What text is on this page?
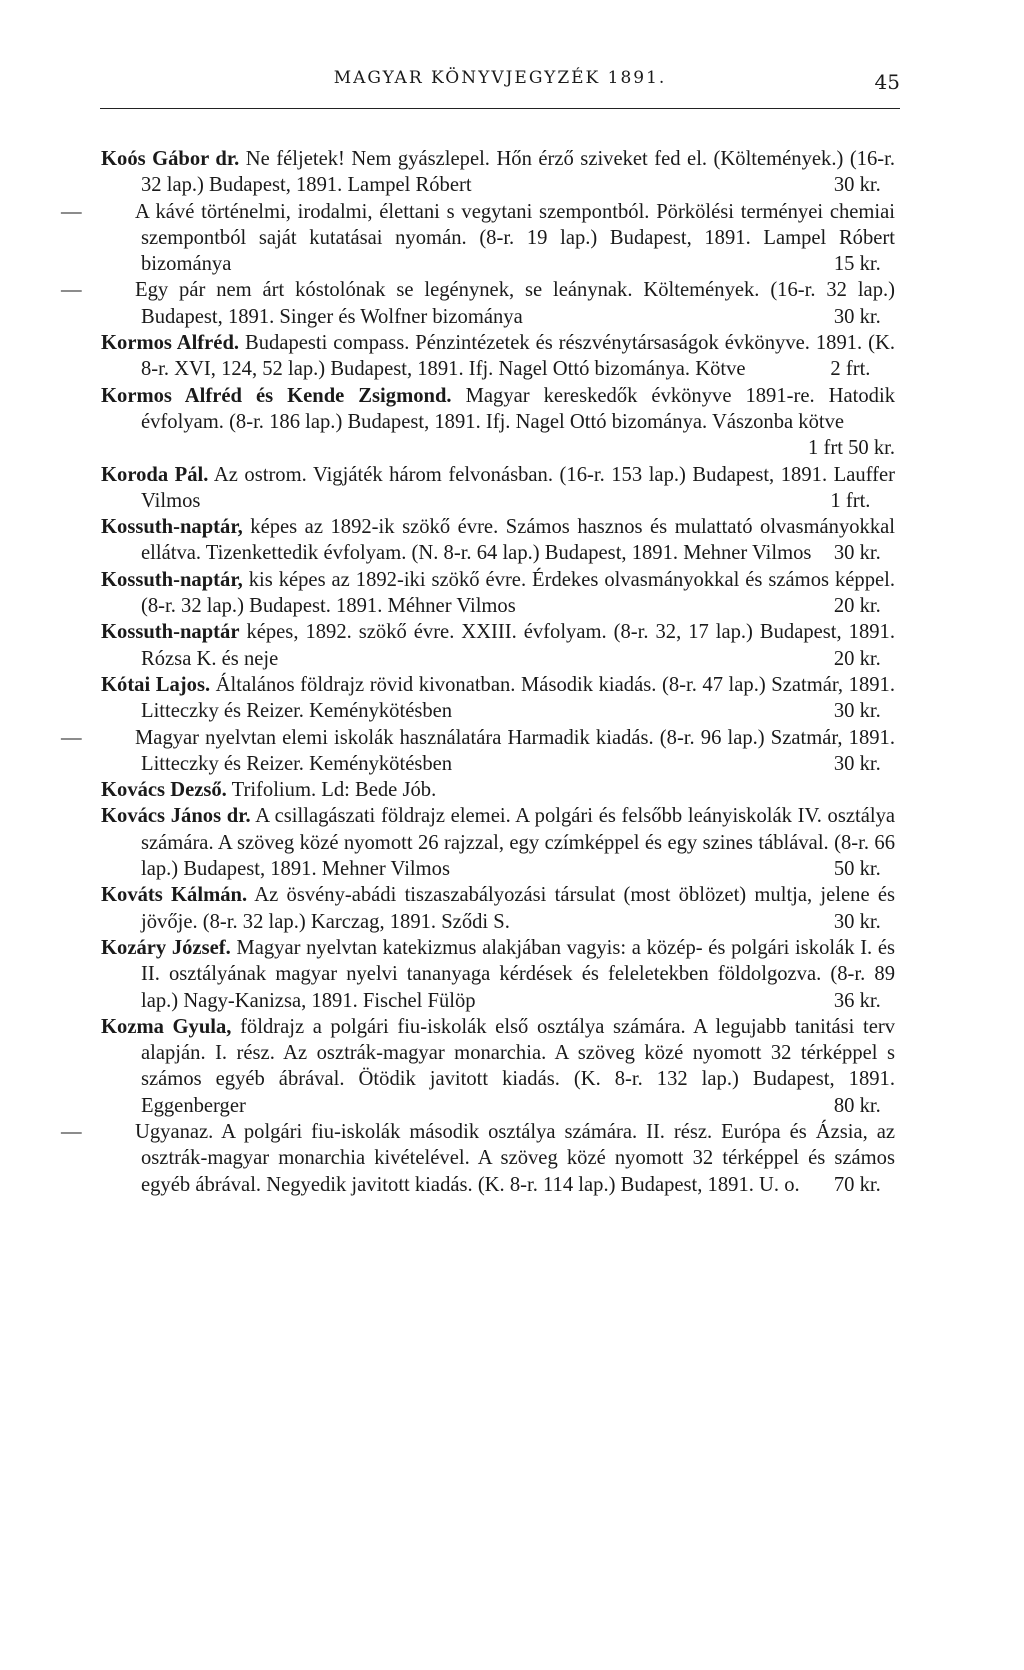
MAGYAR KÖNYVJEGYZÉK 1891.	45
Koós Gábor dr. Ne féljetek! Nem gyászlepel. Hőn érző sziveket fed el. (Költemények.) (16-r. 32 lap.) Budapest, 1891. Lampel Róbert	30 kr.
—	A kávé történelmi, irodalmi, élettani s vegytani szempontból. Pörkölési terményei chemiai szempontból saját kutatásai nyomán. (8-r. 19 lap.) Budapest, 1891. Lampel Róbert bizományа	15 kr.
—	Egy pár nem árt kóstolónak se legénynek, se leánynak. Költemények. (16-r. 32 lap.) Budapest, 1891. Singer és Wolfner bizománya	30 kr.
Kormos Alfréd. Budapesti compass. Pénzintézetek és részvénytársaságok évkönyve. 1891. (K. 8-r. XVI, 124, 52 lap.) Budapest, 1891. Ifj. Nagel Ottó bizománya. Kötve	2 frt.
Kormos Alfréd és Kende Zsigmond. Magyar kereskedők évkönyve 1891-re. Hatodik évfolyam. (8-r. 186 lap.) Budapest, 1891. Ifj. Nagel Ottó bizománya. Vászonba kötve
1 frt 50 kr.
Koroda Pál. Az ostrom. Vigjáték három felvonásban. (16-r. 153 lap.) Budapest, 1891. Lauffer Vilmos	1 frt.
Kossuth-naptár, képes az 1892-ik szökő évre. Számos hasznos és mulattató olvasmányokkal ellátva. Tizenkettedik évfolyam. (N. 8-r. 64 lap.) Budapest, 1891. Mehner Vilmos 30 kr.
Kossuth-naptár, kis képes az 1892-iki szökő évre. Érdekes olvasmányokkal és számos képpel. (8-r. 32 lap.) Budapest. 1891. Méhner Vilmos	20 kr.
Kossuth-naptár képes, 1892. szökő évre. XXIII. évfolyam. (8-r. 32, 17 lap.) Budapest, 1891. Rózsa K. és neje	20 kr.
Kótai Lajos. Általános földrajz rövid kivonatban. Második kiadás. (8-r. 47 lap.) Szatmár, 1891. Litteczky és Reizer. Keménykötésben	30 kr.
—	Magyar nyelvtan elemi iskolák használatára Harmadik kiadás. (8-r. 96 lap.) Szatmár, 1891. Litteczky és Reizer. Keménykötésben	30 kr.
Kovács Dezső. Trifolium. Ld: Bede Jób.
Kovács János dr. A csillagászati földrajz elemei. A polgári és felsőbb leányiskolák IV. osztálya számára. A szöveg közé nyomott 26 rajzzal, egy czímképpel és egy szines táblával. (8-r. 66 lap.) Budapest, 1891. Mehner Vilmos	50 kr.
Kováts Kálmán. Az ösvény-abádi tiszaszabályozási társulat (most öblözet) multja, jelene és jövője. (8-r. 32 lap.) Karczag, 1891. Sződi S.	30 kr.
Kozáry József. Magyar nyelvtan katekizmus alakjában vagyis: a közép- és polgári iskolák I. és II. osztályának magyar nyelvi tananyaga kérdések és feleletekben földolgozva. (8-r. 89 lap.) Nagy-Kanizsa, 1891. Fischel Fülöp	36 kr.
Kozma Gyula, földrajz a polgári fiu-iskolák első osztálya számára. A legujabb tanitási terv alapján. I. rész. Az osztrák-magyar monarchia. A szöveg közé nyomott 32 térképpel s számos egyéb ábrával. Ötödik javitott kiadás. (K. 8-r. 132 lap.) Budapest, 1891. Eggenberger	80 kr.
—	Ugyanaz. A polgári fiu-iskolák második osztálya számára. II. rész. Európa és Ázsia, az osztrák-magyar monarchia kivételével. A szöveg közé nyomott 32 térképpel és számos egyéb ábrával. Negyedik javitott kiadás. (K. 8-r. 114 lap.) Budapest, 1891. U. o. 70 kr.
